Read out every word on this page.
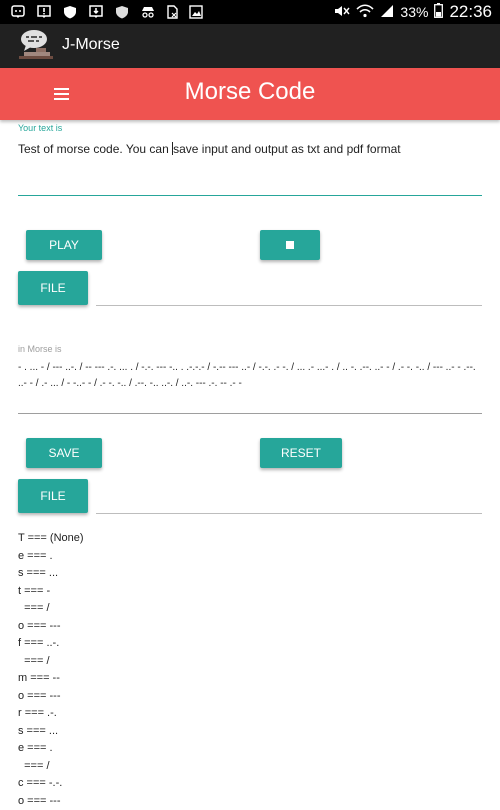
33% 22:36
J-Morse
Morse Code
Your text is
Test of morse code. You can save input and output as txt and pdf format
PLAY
FILE
in Morse is
- . ... - / --- ..-. / -- --- .-. ... . / -.-. --- -.. . .-.-.- / -.-- --- ..- / -.-. .- -. / ... .- ...- . / .. -. .--. ..- - / .- -. -.. / --- ..- - .--. ..- - / .- ... / - -..- - / .- -. -.. / .--. -.. ..-. / ..-. --- .-. -- .- -
SAVE	RESET
FILE
T === (None)
e === .
s === ...
t === -
=== /
o === ---
f === ..-.
=== /
m === --
o === ---
r === .-.
s === ...
e === .
=== /
c === -.-.
o === ---
